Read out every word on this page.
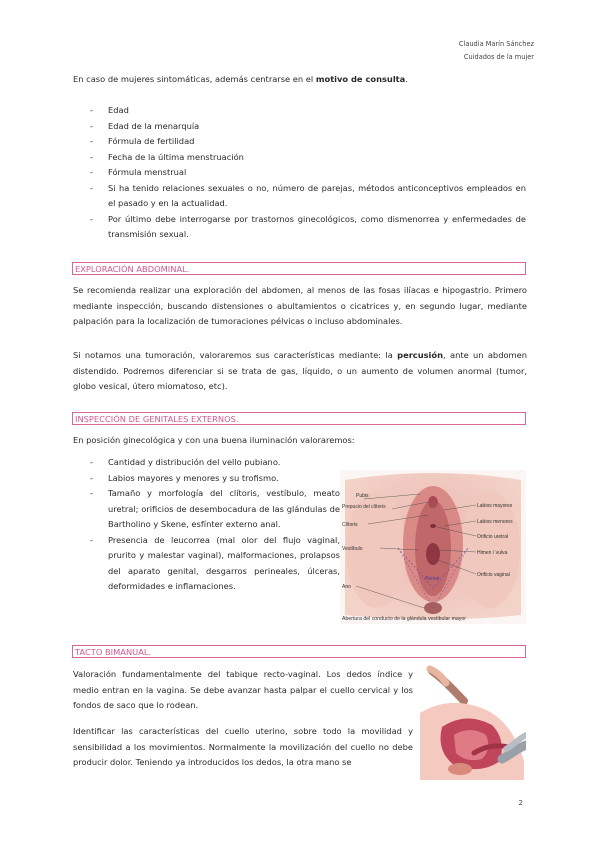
Claudia Marín Sánchez
Cuidados de la mujer
En caso de mujeres sintomáticas, además centrarse en el motivo de consulta.
- Edad
- Edad de la menarquía
- Fórmula de fertilidad
- Fecha de la última menstruación
- Fórmula menstrual
- Si ha tenido relaciones sexuales o no, número de parejas, métodos anticonceptivos empleados en el pasado y en la actualidad.
- Por último debe interrogarse por trastornos ginecológicos, como dismenorrea y enfermedades de transmisión sexual.
EXPLORACIÓN ABDOMINAL.
Se recomienda realizar una exploración del abdomen, al menos de las fosas ilíacas e hipogastrio. Primero mediante inspección, buscando distensiones o abultamientos o cicatrices y, en segundo lugar, mediante palpación para la localización de tumoraciones pélvicas o incluso abdominales.
Si notamos una tumoración, valoraremos sus características mediante: la percusión, ante un abdomen distendido. Podremos diferenciar si se trata de gas, líquido, o un aumento de volumen anormal (tumor, globo vesical, útero miomatoso, etc).
INSPECCIÓN DE GENITALES EXTERNOS.
En posición ginecológica y con una buena iluminación valoraremos:
- Cantidad y distribución del vello pubiano.
- Labios mayores y menores y su trofismo.
- Tamaño y morfología del clítoris, vestíbulo, meato uretral; orificios de desembocadura de las glándulas de Bartholino y Skene, esfínter externo anal.
- Presencia de leucorrea (mal olor del flujo vaginal, prurito y malestar vaginal), malformaciones, prolapsos del aparato genital, desgarros perineales, úlceras, deformidades e inflamaciones.
Pubis
Prepucio del clítoris
Clítoris
Vestíbulo
Ano
Labios mayores
Labios menores
Orificio uretral
Himen / vulva
Orificio vaginal
Periné
Abertura del conducto de la glándula vestibular mayor
TACTO BIMANUAL.
Valoración fundamentalmente del tabique recto-vaginal. Los dedos índice y medio entran en la vagina. Se debe avanzar hasta palpar el cuello cervical y los fondos de saco que lo rodean.
Identificar las características del cuello uterino, sobre todo la movilidad y sensibilidad a los movimientos. Normalmente la movilización del cuello no debe producir dolor. Teniendo ya introducidos los dedos, la otra mano se
2
